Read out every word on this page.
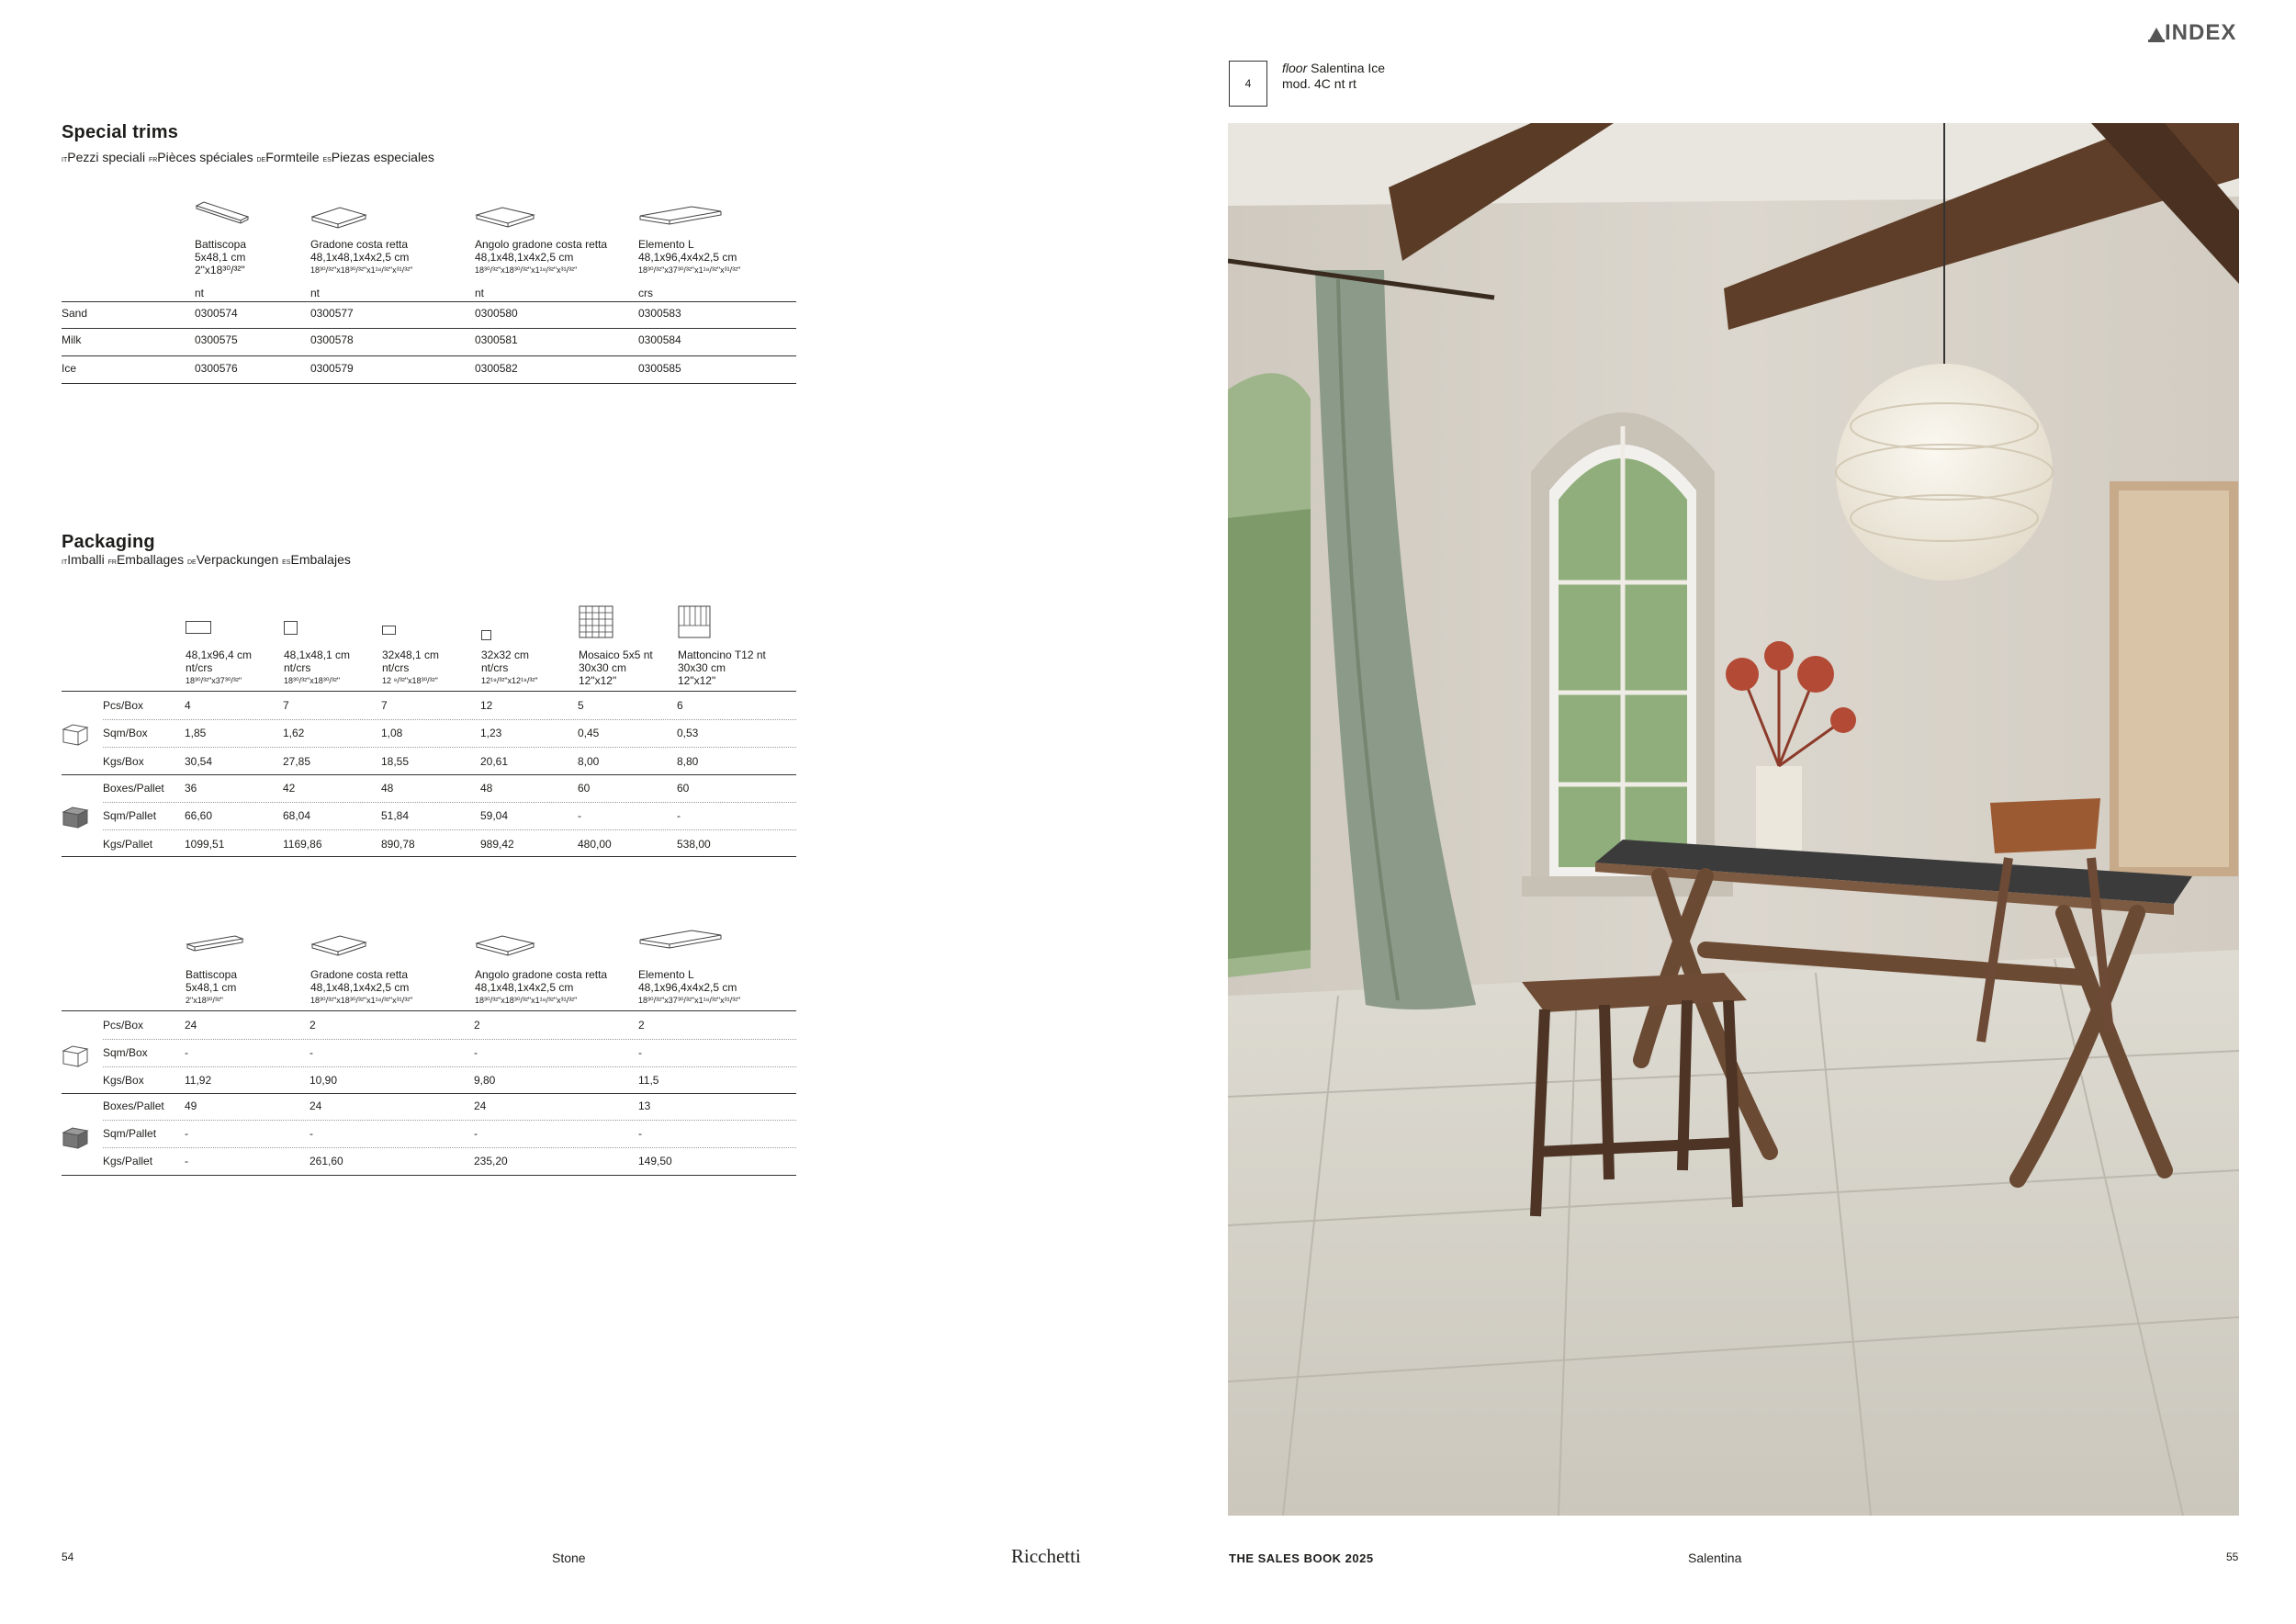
INDEX
4
floor Salentina Ice
mod. 4C nt rt
Special trims
ITPezzi speciali FRPièces spéciales DEFormteile ESPiezas especiales
Battiscopa
5x48,1 cm
2"x18³⁰/³²"
Gradone costa retta
48,1x48,1x4x2,5 cm
18³⁰/³²"x18³⁰/³²"x1¹⁸/³²"x³¹/³²"
Angolo gradone costa retta
48,1x48,1x4x2,5 cm
18³⁰/³²"x18³⁰/³²"x1¹⁸/³²"x³¹/³²"
Elemento L
48,1x96,4x4x2,5 cm
18³⁰/³²"x37³⁰/³²"x1¹⁸/³²"x³¹/³²"
nt	nt	nt	crs
Sand	0300574	0300577	0300580	0300583
Milk	0300575	0300578	0300581	0300584
Ice	0300576	0300579	0300582	0300585
Packaging
ITImballi FREmballages DEVerpackungen ESEmbalajes
48,1x96,4 cm
nt/crs
18³⁰/³²"x37³⁰/³²"
48,1x48,1 cm
nt/crs
18³⁰/³²"x18³⁰/³²"
32x48,1 cm
nt/crs
12 ⁹/³²"x18³⁰/³²"
32x32 cm
nt/crs
12¹⁹/³²"x12¹⁹/³²"
Mosaico 5x5 nt
30x30 cm
12"x12"
Mattoncino T12 nt
30x30 cm
12"x12"
Pcs/Box	4	7	7	12	5	6
Sqm/Box	1,85	1,62	1,08	1,23	0,45	0,53
Kgs/Box	30,54	27,85	18,55	20,61	8,00	8,80
Boxes/Pallet 36	42	48	48	60	60
Sqm/Pallet	66,60	68,04	51,84	59,04	-	-
Kgs/Pallet	1099,51	1169,86	890,78	989,42	480,00	538,00
Battiscopa
5x48,1 cm
2"x18³⁰/³²"
Gradone costa retta
48,1x48,1x4x2,5 cm
18³⁰/³²"x18³⁰/³²"x1¹⁸/³²"x³¹/³²"
Angolo gradone costa retta
48,1x48,1x4x2,5 cm
18³⁰/³²"x18³⁰/³²"x1¹⁸/³²"x³¹/³²"
Elemento L
48,1x96,4x4x2,5 cm
18³⁰/³²"x37³⁰/³²"x1¹⁸/³²"x³¹/³²"
Pcs/Box	24	2	2	2
Sqm/Box	-	-	-	-
Kgs/Box	11,92	10,90	9,80	11,5
Boxes/Pallet 49	24	24	13
Sqm/Pallet	-	-	-	-
Kgs/Pallet	-	261,60	235,20	149,50
54	Stone	Ricchetti	THE SALES BOOK 2025	Salentina	55
